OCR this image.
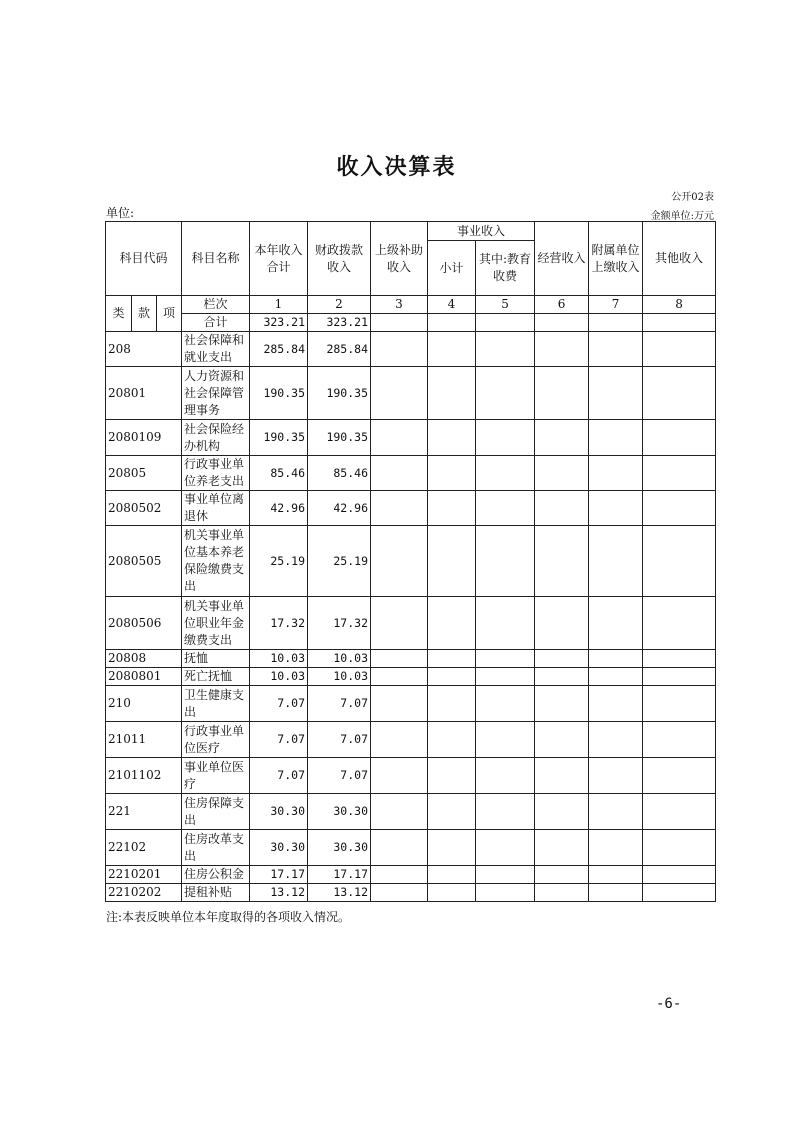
收入决算表
公开02表
单位:	金额单位:万元
科目代码			科目名称	本年收入合计	财政拨款收入	上级补助收入	事业收入		经营收入	附属单位上缴收入	其他收入
							小计	其中:教育收费			
类	款	项	栏次	1	2	3	4	5	6	7	8
			合计	323.21	323.21						
208			社会保障和就业支出	285.84	285.84						
20801			人力资源和社会保障管理事务	190.35	190.35						
2080109			社会保险经办机构	190.35	190.35						
20805			行政事业单位养老支出	85.46	85.46						
2080502			事业单位离退休	42.96	42.96						
2080505			机关事业单位基本养老保险缴费支出	25.19	25.19						
2080506			机关事业单位职业年金缴费支出	17.32	17.32						
20808			抚恤	10.03	10.03						
2080801			死亡抚恤	10.03	10.03						
210			卫生健康支出	7.07	7.07						
21011			行政事业单位医疗	7.07	7.07						
2101102			事业单位医疗	7.07	7.07						
221			住房保障支出	30.30	30.30						
22102			住房改革支出	30.30	30.30						
2210201			住房公积金	17.17	17.17						
2210202			提租补贴	13.12	13.12						
注:本表反映单位本年度取得的各项收入情况。
-6-
